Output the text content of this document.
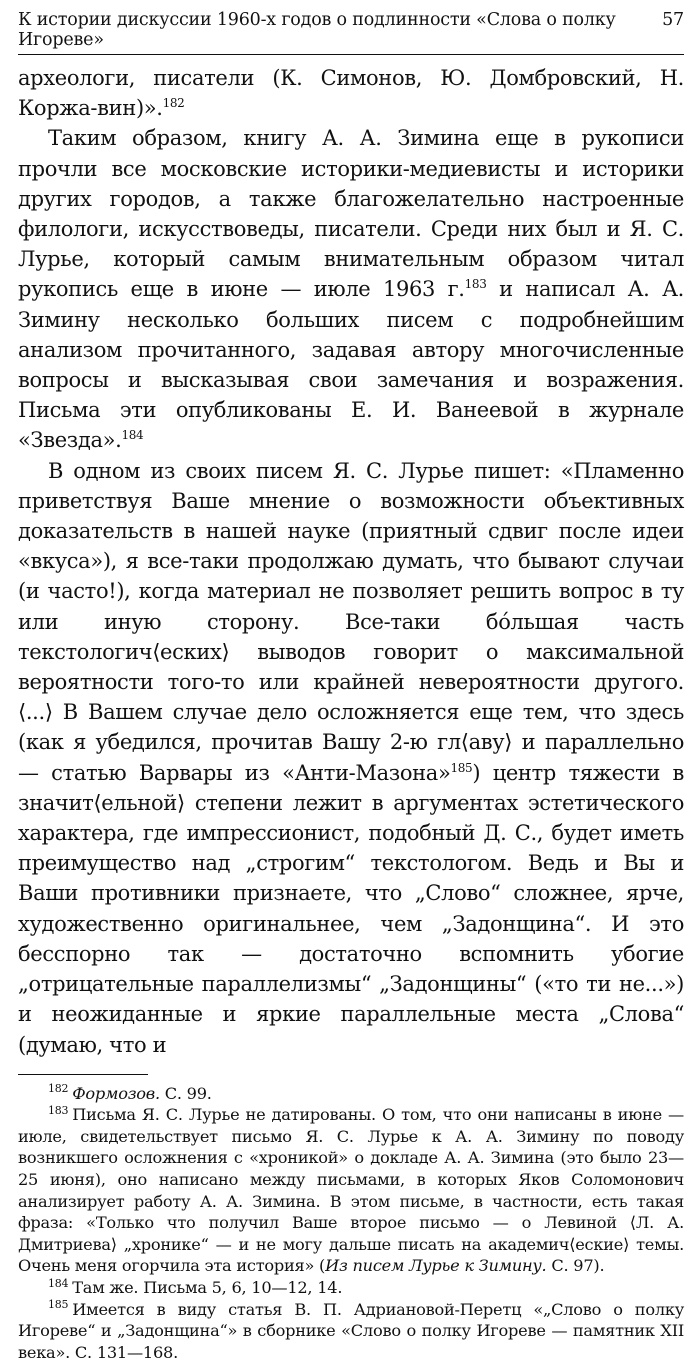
К истории дискуссии 1960-х годов о подлинности «Слова о полку Игореве»
57

археологи, писатели (К. Симонов, Ю. Домбровский, Н. Коржа-вин)».$^{182}$

Таким образом, книгу А. А. Зимина еще в рукописи прочли все московские историки-медиевисты и историки других городов, а также благожелательно настроенные филологи, искусствоведы, писатели. Среди них был и Я. С. Лурье, который самым внимательным образом читал рукопись еще в июне — июле 1963 г.$^{183}$ и написал А. А. Зимину несколько больших писем с подробнейшим анализом прочитанного, задавая автору многочисленные вопросы и высказывая свои замечания и возражения. Письма эти опубликованы Е. И. Ванеевой в журнале «Звезда».$^{184}$

В одном из своих писем Я. С. Лурье пишет: «Пламенно приветствуя Ваше мнение о возможности объективных доказательств в нашей науке (приятный сдвиг после идеи «вкуса»), я все-таки продолжаю думать, что бывают случаи (и часто!), когда материал не позволяет решить вопрос в ту или иную сторону. Все-таки бóльшая часть текстологич⟨еских⟩ выводов говорит о максимальной вероятности того-то или крайней невероятности другого. ⟨...⟩ В Вашем случае дело осложняется еще тем, что здесь (как я убедился, прочитав Вашу 2-ю гл⟨аву⟩ и параллельно — статью Варвары из «Анти-Мазона»$^{185}$) центр тяжести в значит⟨ельной⟩ степени лежит в аргументах эстетического характера, где импрессионист, подобный Д. С., будет иметь преимущество над „строгим“ текстологом. Ведь и Вы и Ваши противники признаете, что „Слово“ сложнее, ярче, художественно оригинальнее, чем „Задонщина“. И это бесспорно так — достаточно вспомнить убогие „отрицательные параллелизмы“ „Задонщины“ («то ти не...») и неожиданные и яркие параллельные места „Слова“ (думаю, что и

$^{182}$ Формозов. С. 99.

$^{183}$ Письма Я. С. Лурье не датированы. О том, что они написаны в июне — июле, свидетельствует письмо Я. С. Лурье к А. А. Зимину по поводу возникшего осложнения с «хроникой» о докладе А. А. Зимина (это было 23—25 июня), оно написано между письмами, в которых Яков Соломонович анализирует работу А. А. Зимина. В этом письме, в частности, есть такая фраза: «Только что получил Ваше второе письмо — о Левиной ⟨Л. А. Дмитриева⟩ „хронике“ — и не могу дальше писать на академич⟨еские⟩ темы. Очень меня огорчила эта история» (Из писем Лурье к Зимину. С. 97).

$^{184}$ Там же. Письма 5, 6, 10—12, 14.

$^{185}$ Имеется в виду статья В. П. Адриановой-Перетц «„Слово о полку Игореве“ и „Задонщина“» в сборнике «Слово о полку Игореве — памятник XII века». С. 131—168.
